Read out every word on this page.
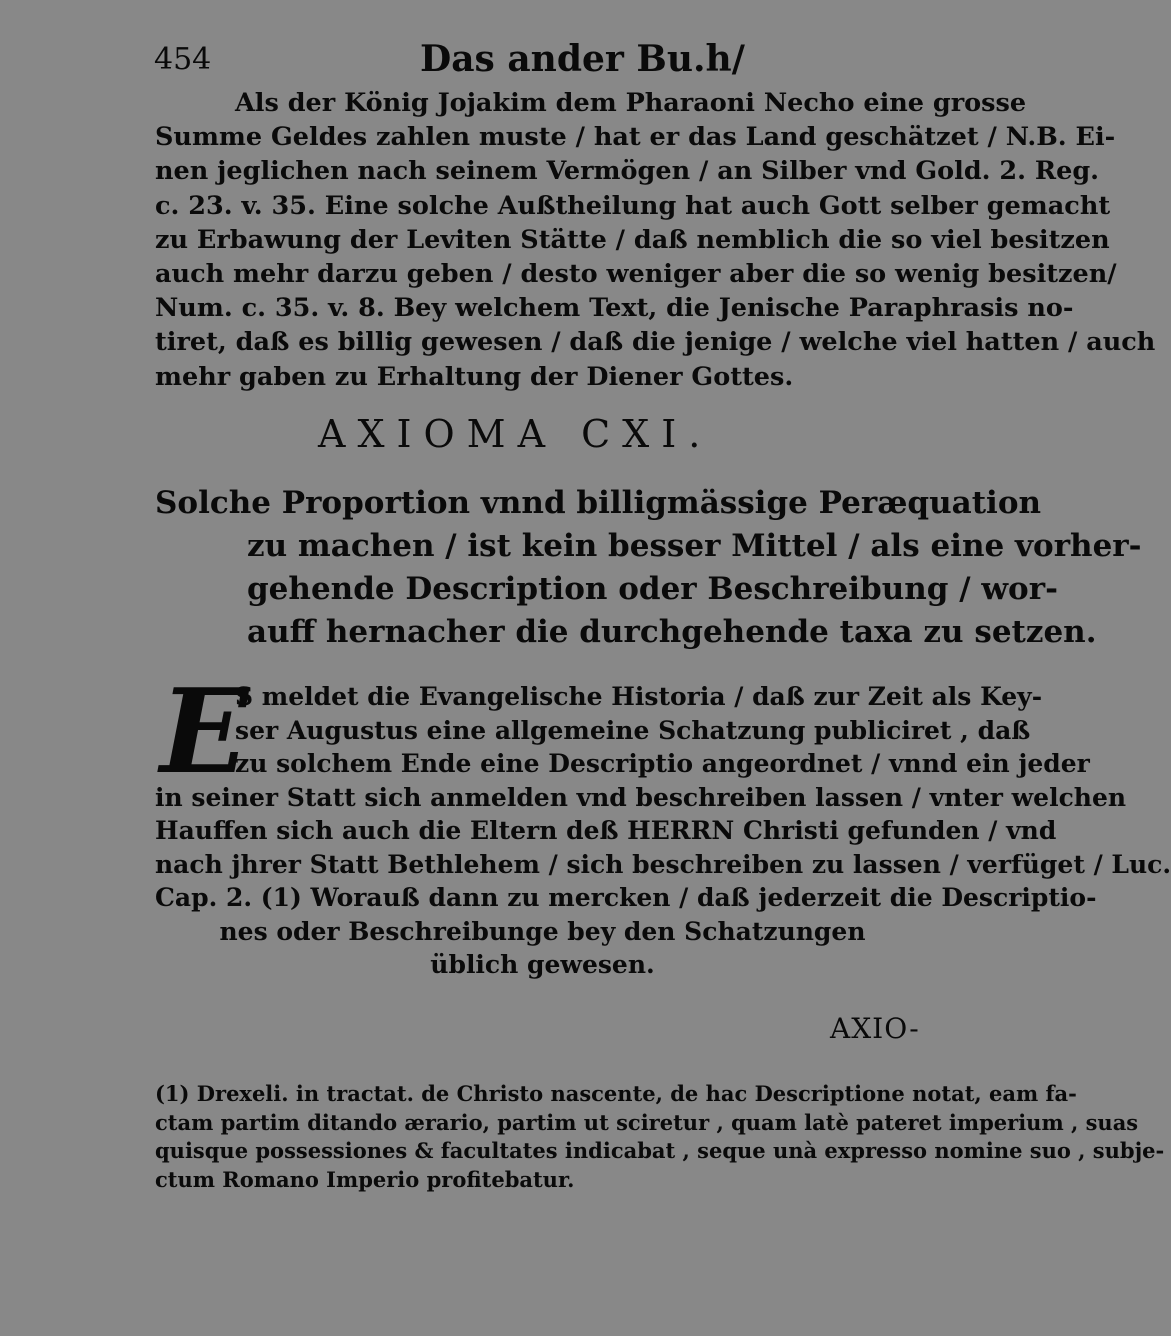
454	Das ander Bu.h/
Als der König Jojakim dem Pharaoni Necho eine grosse
Summe Geldes zahlen muste / hat er das Land geschätzet / N.B. Ei-
nen jeglichen nach seinem Vermögen / an Silber vnd Gold. 2. Reg.
c. 23. v. 35. Eine solche Außtheilung hat auch Gott selber gemacht
zu Erbawung der Leviten Stätte / daß nemblich die so viel besitzen
auch mehr darzu geben / desto weniger aber die so wenig besitzen/
Num. c. 35. v. 8. Bey welchem Text, die Jenische Paraphrasis no-
tiret, daß es billig gewesen / daß die jenige / welche viel hatten / auch
mehr gaben zu Erhaltung der Diener Gottes.
AXIOMA CXI.
Solche Proportion vnnd billigmässige Peræquation
zu machen / ist kein besser Mittel / als eine vorher-
gehende Description oder Beschreibung / wor-
auff hernacher die durchgehende taxa zu setzen.
E
S meldet die Evangelische Historia / daß zur Zeit als Key-
ser Augustus eine allgemeine Schatzung publiciret , daß
zu solchem Ende eine Descriptio angeordnet / vnnd ein jeder
in seiner Statt sich anmelden vnd beschreiben lassen / vnter welchen
Hauffen sich auch die Eltern deß HERRN Christi gefunden / vnd
nach jhrer Statt Bethlehem / sich beschreiben zu lassen / verfüget / Luc.
Cap. 2. (1) Worauß dann zu mercken / daß jederzeit die Descriptio-
nes oder Beschreibunge bey den Schatzungen
üblich gewesen.
AXIO-
(1) Drexeli. in tractat. de Christo nascente, de hac Descriptione notat, eam fa-
ctam partim ditando ærario, partim ut sciretur , quam latè pateret imperium , suas
quisque possessiones & facultates indicabat , seque unà expresso nomine suo , subje-
ctum Romano Imperio profitebatur.
